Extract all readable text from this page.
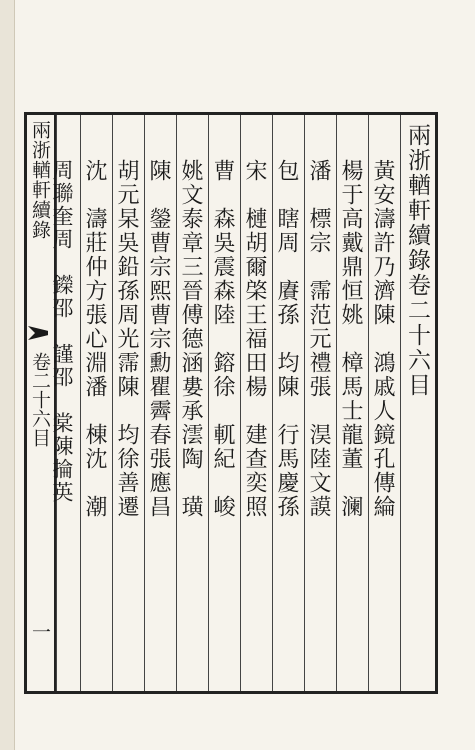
兩浙輶軒續錄
卷二十六目
一
兩浙輶軒續錄卷二十六目
黃安濤
許乃濟
陳　鴻
戚人鏡
孔傳綸
楊于高
戴鼎恒
姚　樟
馬士龍
董　澜
潘　標
宗　霈
范元禮
張　淏
陸文謨
包　瞎
周　賡
孫　均
陳　行
馬慶孫
宋　槤
胡爾棨
王福田
楊　建
查奕照
曹　森
吳震森
陸　鎔
徐　軏
紀　峻
姚文泰
章三晉
傅德涵
婁承澐
陶　璜
陳　鎣
曹宗熙
曹宗勳
瞿霽春
張應昌
胡元杲
吳鉛孫
周光霈
陳　均
徐善遷
沈　濤
莊仲方
張心淵
潘　棟
沈　潮
周聯奎
周　鑅
邵　謹
邵　棠
陳掄英
